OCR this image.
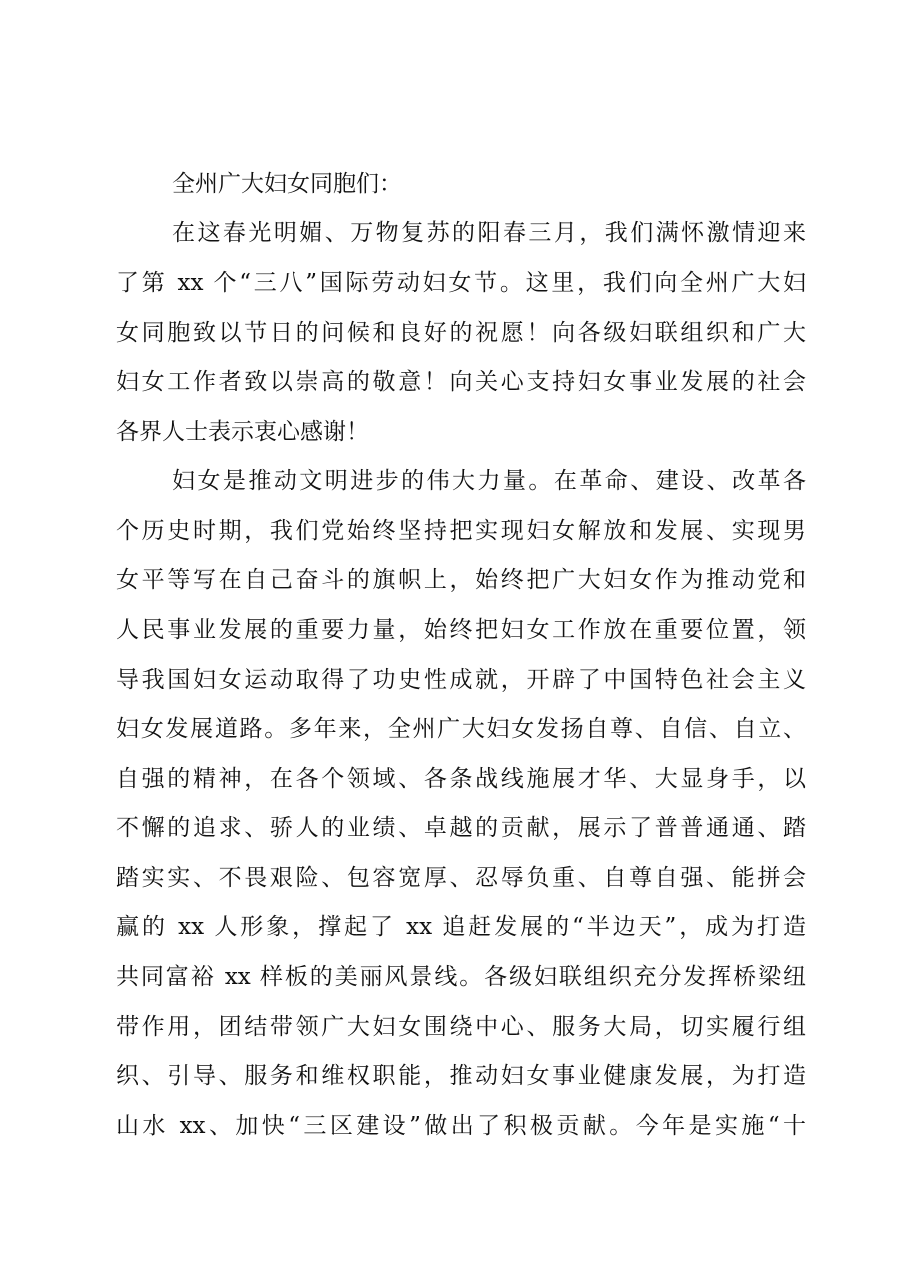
全州广大妇女同胞们：

在这春光明媚、万物复苏的阳春三月，我们满怀激情迎来

了第 xx 个“三八”国际劳动妇女节。这里，我们向全州广大妇

女同胞致以节日的问候和良好的祝愿！向各级妇联组织和广大

妇女工作者致以崇高的敬意！向关心支持妇女事业发展的社会

各界人士表示衷心感谢！

妇女是推动文明进步的伟大力量。在革命、建设、改革各

个历史时期，我们党始终坚持把实现妇女解放和发展、实现男

女平等写在自己奋斗的旗帜上，始终把广大妇女作为推动党和

人民事业发展的重要力量，始终把妇女工作放在重要位置，领

导我国妇女运动取得了功史性成就，开辟了中国特色社会主义

妇女发展道路。多年来，全州广大妇女发扬自尊、自信、自立、

自强的精神，在各个领域、各条战线施展才华、大显身手，以

不懈的追求、骄人的业绩、卓越的贡献，展示了普普通通、踏

踏实实、不畏艰险、包容宽厚、忍辱负重、自尊自强、能拼会

赢的 xx 人形象，撑起了 xx 追赶发展的“半边天”，成为打造

共同富裕 xx 样板的美丽风景线。各级妇联组织充分发挥桥梁纽

带作用，团结带领广大妇女围绕中心、服务大局，切实履行组

织、引导、服务和维权职能，推动妇女事业健康发展，为打造

山水 xx、加快“三区建设”做出了积极贡献。今年是实施“十
